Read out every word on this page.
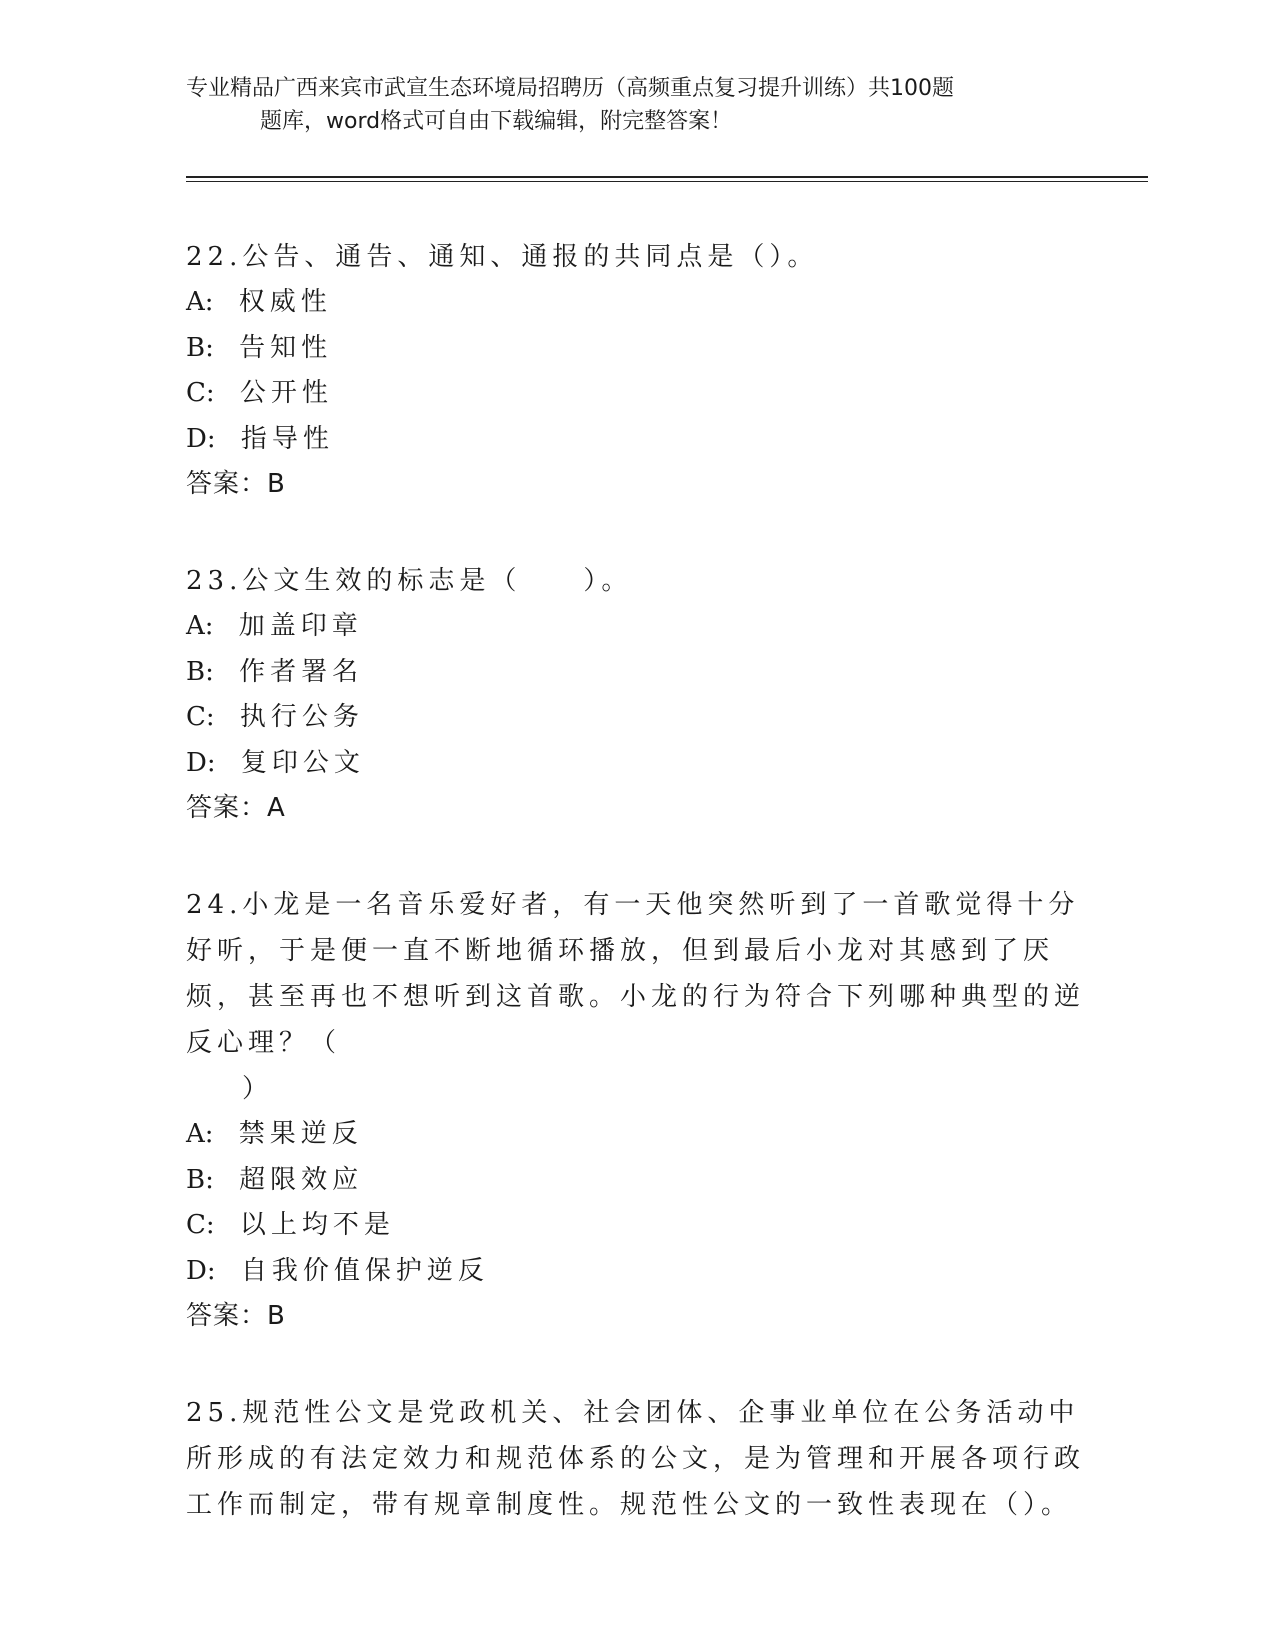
专业精品广西来宾市武宣生态环境局招聘历（高频重点复习提升训练）共100题
题库，word格式可自由下载编辑，附完整答案！
22.公告、通告、通知、通报的共同点是（）。
A: 权威性
B: 告知性
C: 公开性
D: 指导性
答案：B
23.公文生效的标志是（　　）。
A: 加盖印章
B: 作者署名
C: 执行公务
D: 复印公文
答案：A
24.小龙是一名音乐爱好者，有一天他突然听到了一首歌觉得十分好听，于是便一直不断地循环播放，但到最后小龙对其感到了厌烦，甚至再也不想听到这首歌。小龙的行为符合下列哪种典型的逆反心理？（
）
A: 禁果逆反
B: 超限效应
C: 以上均不是
D: 自我价值保护逆反
答案：B
25.规范性公文是党政机关、社会团体、企事业单位在公务活动中所形成的有法定效力和规范体系的公文，是为管理和开展各项行政工作而制定，带有规章制度性。规范性公文的一致性表现在（）。
